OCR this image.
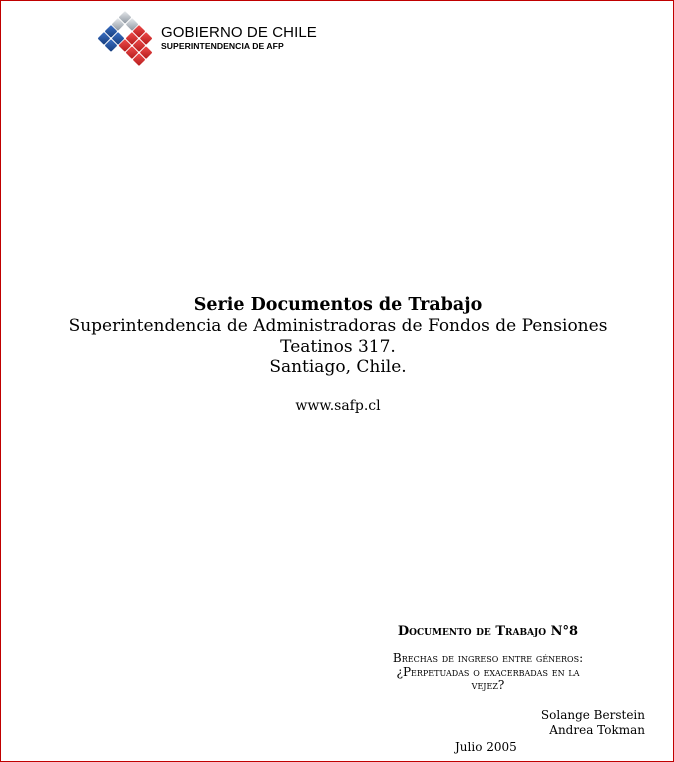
GOBIERNO DE CHILE
SUPERINTENDENCIA DE AFP
Serie Documentos de Trabajo
Superintendencia de Administradoras de Fondos de Pensiones
Teatinos 317.
Santiago, Chile.
www.safp.cl
Documento de Trabajo N°8
Brechas de ingreso entre géneros:
¿Perpetuadas o exacerbadas en la
vejez?
Solange Berstein
Andrea Tokman
Julio 2005
